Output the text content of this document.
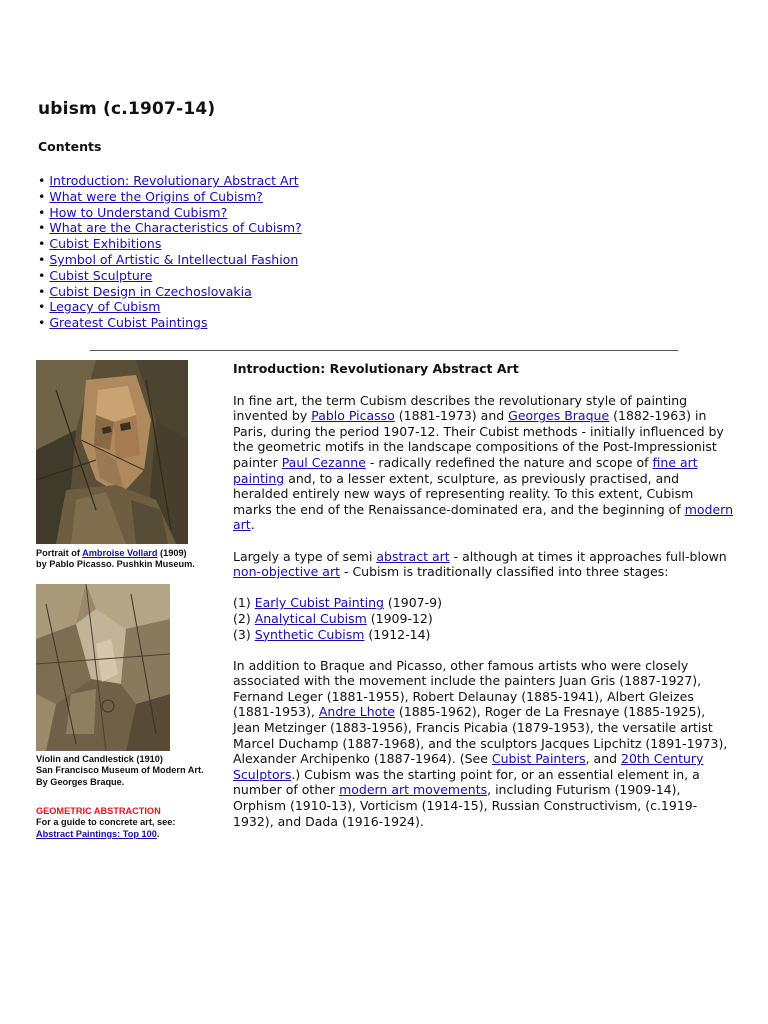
ubism (c.1907-14)
Contents
• Introduction: Revolutionary Abstract Art
• What were the Origins of Cubism?
• How to Understand Cubism?
• What are the Characteristics of Cubism?
• Cubist Exhibitions
• Symbol of Artistic & Intellectual Fashion
• Cubist Sculpture
• Cubist Design in Czechoslovakia
• Legacy of Cubism
• Greatest Cubist Paintings
Portrait of Ambroise Vollard (1909)
by Pablo Picasso. Pushkin Museum.
Violin and Candlestick (1910)
San Francisco Museum of Modern Art.
By Georges Braque.
GEOMETRIC ABSTRACTION
For a guide to concrete art, see:
Abstract Paintings: Top 100.
Introduction: Revolutionary Abstract Art

In fine art, the term Cubism describes the revolutionary style of painting invented by Pablo Picasso (1881-1973) and Georges Braque (1882-1963) in Paris, during the period 1907-12. Their Cubist methods - initially influenced by the geometric motifs in the landscape compositions of the Post-Impressionist painter Paul Cezanne - radically redefined the nature and scope of fine art painting and, to a lesser extent, sculpture, as previously practised, and heralded entirely new ways of representing reality. To this extent, Cubism marks the end of the Renaissance-dominated era, and the beginning of modern art.

Largely a type of semi abstract art - although at times it approaches full-blown non-objective art - Cubism is traditionally classified into three stages:

(1) Early Cubist Painting (1907-9)
(2) Analytical Cubism (1909-12)
(3) Synthetic Cubism (1912-14)

In addition to Braque and Picasso, other famous artists who were closely associated with the movement include the painters Juan Gris (1887-1927), Fernand Leger (1881-1955), Robert Delaunay (1885-1941), Albert Gleizes (1881-1953), Andre Lhote (1885-1962), Roger de La Fresnaye (1885-1925), Jean Metzinger (1883-1956), Francis Picabia (1879-1953), the versatile artist Marcel Duchamp (1887-1968), and the sculptors Jacques Lipchitz (1891-1973), Alexander Archipenko (1887-1964). (See Cubist Painters, and 20th Century Sculptors.) Cubism was the starting point for, or an essential element in, a number of other modern art movements, including Futurism (1909-14), Orphism (1910-13), Vorticism (1914-15), Russian Constructivism, (c.1919-1932), and Dada (1916-1924).
